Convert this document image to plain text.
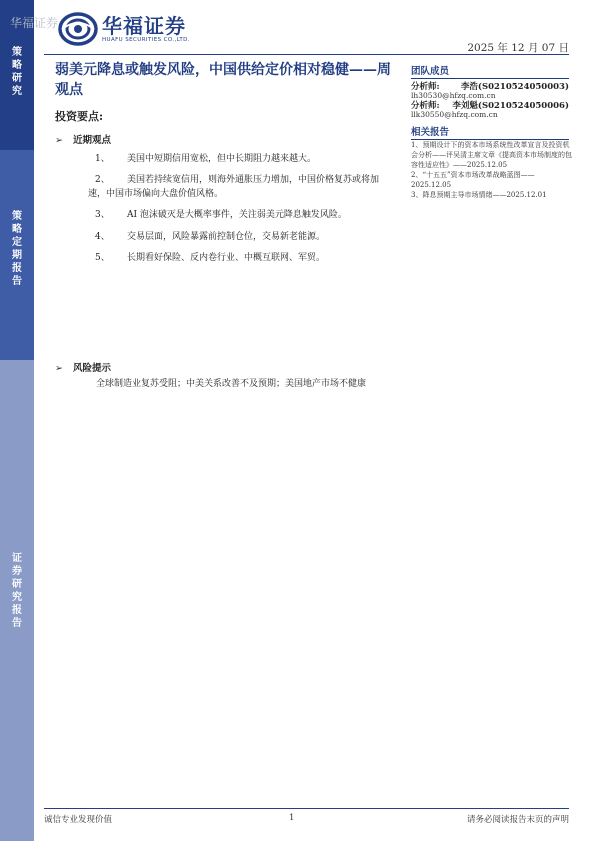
策
略
研
究
策
略
定
期
报
告
证
券
研
究
报
告
华福证券 华福证券
HUAFU SECURITIES CO.,LTD.
2025 年 12 月 07 日
弱美元降息或触发风险，中国供给定价相对稳健——周观点
投资要点:
➢ 近期观点
1、	美国中短期信用宽松，但中长期阻力越来越大。
2、	美国若持续宽信用，则海外通胀压力增加，中国价格复苏或将加速，中国市场偏向大盘价值风格。
3、	AI 泡沫破灭是大概率事件，关注弱美元降息触发风险。
4、	交易层面，风险暴露前控制仓位，交易新老能源。
5、	长期看好保险、反内卷行业、中概互联网、军贸。
➢ 风险提示
全球制造业复苏受阻；中美关系改善不及预期；美国地产市场不健康
团队成员
分析师:	李浩(S0210524050003)
lh30530@hfzq.com.cn
分析师: 李刘魁(S0210524050006)
llk30550@hfzq.com.cn
相关报告
1、预期设计下的资本市场系统性改革宣言及投资机会分析——评吴清主席文章《提高资本市场制度的包容性适应性》——2025.12.05
2、“十五五”资本市场改革战略蓝图——2025.12.05
3、降息预期主导市场情绪——2025.12.01
诚信专业发现价值	1	请务必阅读报告末页的声明
